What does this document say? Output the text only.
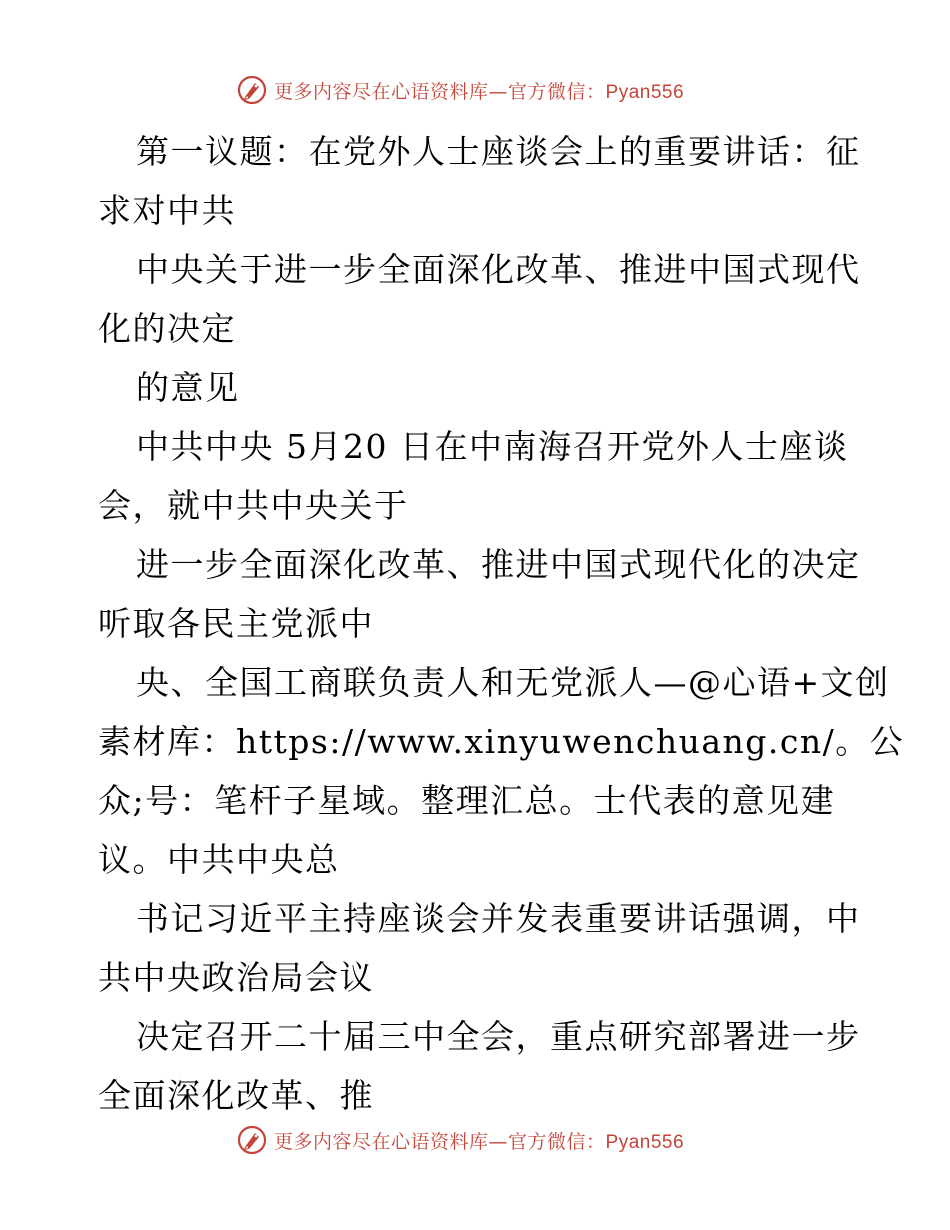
更多内容尽在心语资料库—官方微信：Pyan556
第一议题：在党外人士座谈会上的重要讲话：征
求对中共
中央关于进一步全面深化改革、推进中国式现代
化的决定
的意见
中共中央 5月20 日在中南海召开党外人士座谈
会，就中共中央关于
进一步全面深化改革、推进中国式现代化的决定
听取各民主党派中
央、全国工商联负责人和无党派人—@心语+文创
素材库：https://www.xinyuwenchuang.cn/。公
众;号：笔杆子星域。整理汇总。士代表的意见建
议。中共中央总
书记习近平主持座谈会并发表重要讲话强调，中
共中央政治局会议
决定召开二十届三中全会，重点研究部署进一步
全面深化改革、推
更多内容尽在心语资料库—官方微信：Pyan556
